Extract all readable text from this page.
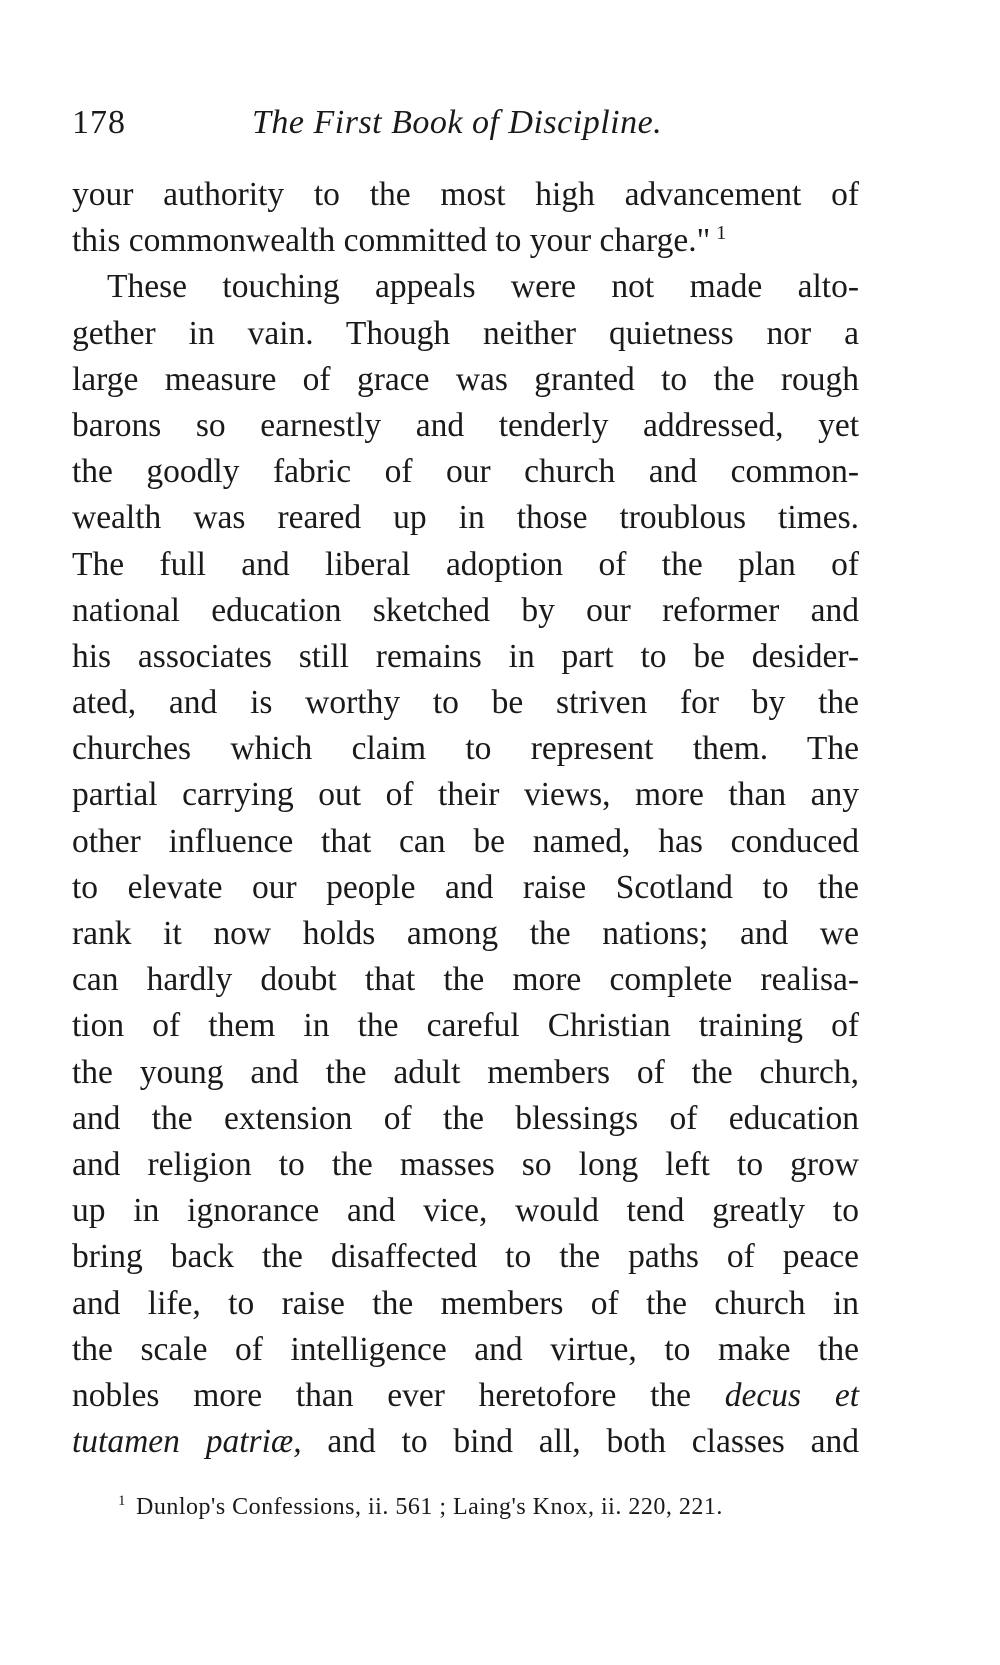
178	The First Book of Discipline.
your authority to the most high advancement of
this commonwealth committed to your charge." $^1$
These touching appeals were not made alto-
gether in vain. Though neither quietness nor a
large measure of grace was granted to the rough
barons so earnestly and tenderly addressed, yet
the goodly fabric of our church and common-
wealth was reared up in those troublous times.
The full and liberal adoption of the plan of
national education sketched by our reformer and
his associates still remains in part to be desider-
ated, and is worthy to be striven for by the
churches which claim to represent them. The
partial carrying out of their views, more than any
other influence that can be named, has conduced
to elevate our people and raise Scotland to the
rank it now holds among the nations; and we
can hardly doubt that the more complete realisa-
tion of them in the careful Christian training of
the young and the adult members of the church,
and the extension of the blessings of education
and religion to the masses so long left to grow
up in ignorance and vice, would tend greatly to
bring back the disaffected to the paths of peace
and life, to raise the members of the church in
the scale of intelligence and virtue, to make the
nobles more than ever heretofore the decus et
tutamen patriæ, and to bind all, both classes and
$^1$ Dunlop's Confessions, ii. 561 ; Laing's Knox, ii. 220, 221.
